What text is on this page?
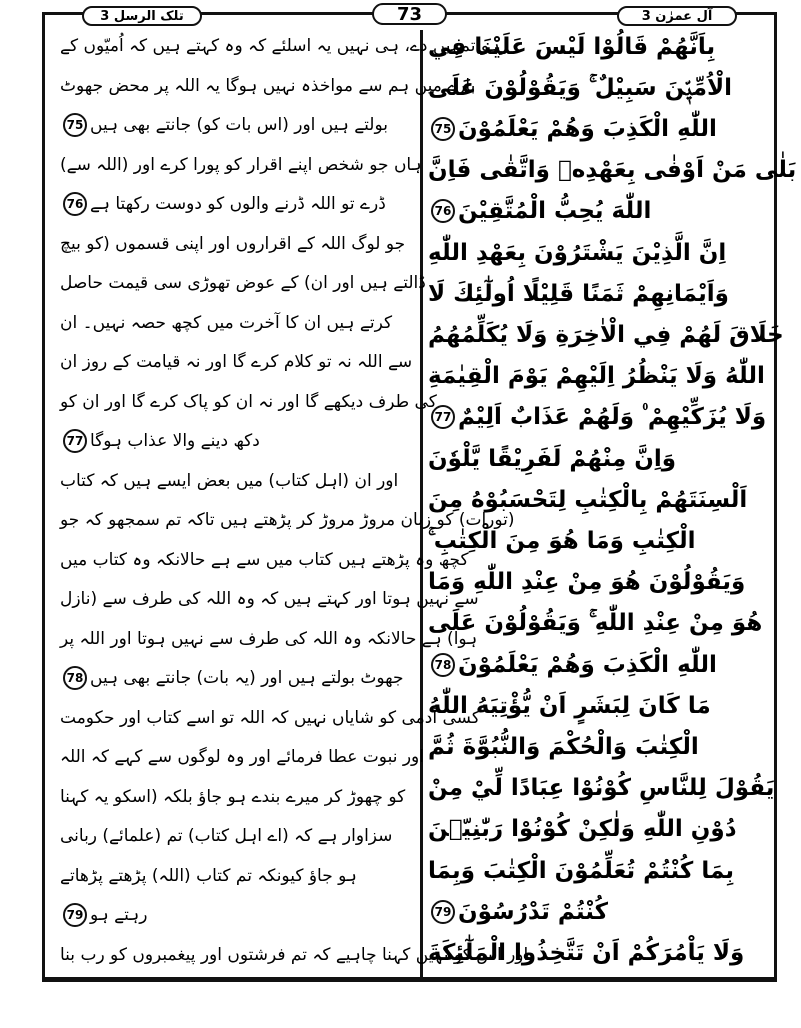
تلک الرسل 3	73	آل عمرٰن 3
رہو تمہیں دے، ہی نہیں یہ اسلئے کہ وہ کہتے ہیں کہ اُمیّوں کے
بارے میں ہم سے مواخذہ نہیں ہوگا یہ اللہ پر محض جھوٹ
بولتے ہیں اور (اس بات کو) جانتے بھی ہیں
75
ہاں جو شخص اپنے اقرار کو پورا کرے اور (اللہ سے)
ڈرے تو اللہ ڈرنے والوں کو دوست رکھتا ہے
76
جو لوگ اللہ کے اقراروں اور اپنی قسموں (کو بیچ
ڈالتے ہیں اور ان) کے عوض تھوڑی سی قیمت حاصل
کرتے ہیں ان کا آخرت میں کچھ حصہ نہیں۔ ان
سے اللہ نہ تو کلام کرے گا اور نہ قیامت کے روز ان
کی طرف دیکھے گا اور نہ ان کو پاک کرے گا اور ان کو
دکھ دینے والا عذاب ہوگا
77
اور ان (اہل کتاب) میں بعض ایسے ہیں کہ کتاب
(تورات) کو زبان مروڑ مروڑ کر پڑھتے ہیں تاکہ تم سمجھو کہ جو
کچھ وہ پڑھتے ہیں کتاب میں سے ہے حالانکہ وہ کتاب میں
سے نہیں ہوتا اور کہتے ہیں کہ وہ اللہ کی طرف سے (نازل
ہوا) ہے حالانکہ وہ اللہ کی طرف سے نہیں ہوتا اور اللہ پر
جھوٹ بولتے ہیں اور (یہ بات) جانتے بھی ہیں
78
کسی آدمی کو شایاں نہیں کہ اللہ تو اسے کتاب اور حکومت
اور نبوت عطا فرمائے اور وہ لوگوں سے کہے کہ اللہ
کو چھوڑ کر میرے بندے ہو جاؤ بلکہ (اسکو یہ کہنا
سزاوار ہے کہ (اے اہل کتاب) تم (علمائے) ربانی
ہو جاؤ کیونکہ تم کتاب (اللہ) پڑھتے پڑھاتے
رہتے ہو
79
اور اس کو نہیں کہنا چاہیے کہ تم فرشتوں اور پیغمبروں کو رب بنا
بِاَنَّهُمْ قَالُوْا لَيْسَ عَلَيْنَا فِي
الْاُمِّيّٖنَ سَبِيْلٌ ۚ وَيَقُوْلُوْنَ عَلَى
اللّٰهِ الْكَذِبَ وَهُمْ يَعْلَمُوْنَ
75
بَلٰى مَنْ اَوْفٰى بِعَهْدِهٖ وَاتَّقٰى فَاِنَّ
اللّٰهَ يُحِبُّ الْمُتَّقِيْنَ
76
اِنَّ الَّذِيْنَ يَشْتَرُوْنَ بِعَهْدِ اللّٰهِ
وَاَيْمَانِهِمْ ثَمَنًا قَلِيْلًا اُولٰٓئِكَ لَا
خَلَاقَ لَهُمْ فِي الْاٰخِرَةِ وَلَا يُكَلِّمُهُمُ
اللّٰهُ وَلَا يَنْظُرُ اِلَيْهِمْ يَوْمَ الْقِيٰمَةِ
وَلَا يُزَكِّيْهِمْ ۠ وَلَهُمْ عَذَابٌ اَلِيْمٌ
77
وَاِنَّ مِنْهُمْ لَفَرِيْقًا يَّلْوٗنَ
اَلْسِنَتَهُمْ بِالْكِتٰبِ لِتَحْسَبُوْهُ مِنَ
الْكِتٰبِ وَمَا هُوَ مِنَ الْكِتٰبِ ۚ
وَيَقُوْلُوْنَ هُوَ مِنْ عِنْدِ اللّٰهِ وَمَا
هُوَ مِنْ عِنْدِ اللّٰهِ ۚ وَيَقُوْلُوْنَ عَلَى
اللّٰهِ الْكَذِبَ وَهُمْ يَعْلَمُوْنَ
78
مَا كَانَ لِبَشَرٍ اَنْ يُّؤْتِيَهُ اللّٰهُ
الْكِتٰبَ وَالْحُكْمَ وَالنُّبُوَّةَ ثُمَّ
يَقُوْلَ لِلنَّاسِ كُوْنُوْا عِبَادًا لِّيْ مِنْ
دُوْنِ اللّٰهِ وَلٰكِنْ كُوْنُوْا رَبّٰنِيّٖنَ
بِمَا كُنْتُمْ تُعَلِّمُوْنَ الْكِتٰبَ وَبِمَا
كُنْتُمْ تَدْرُسُوْنَ
79
وَلَا يَاْمُرَكُمْ اَنْ تَتَّخِذُوا الْمَلٰٓئِكَةَ
